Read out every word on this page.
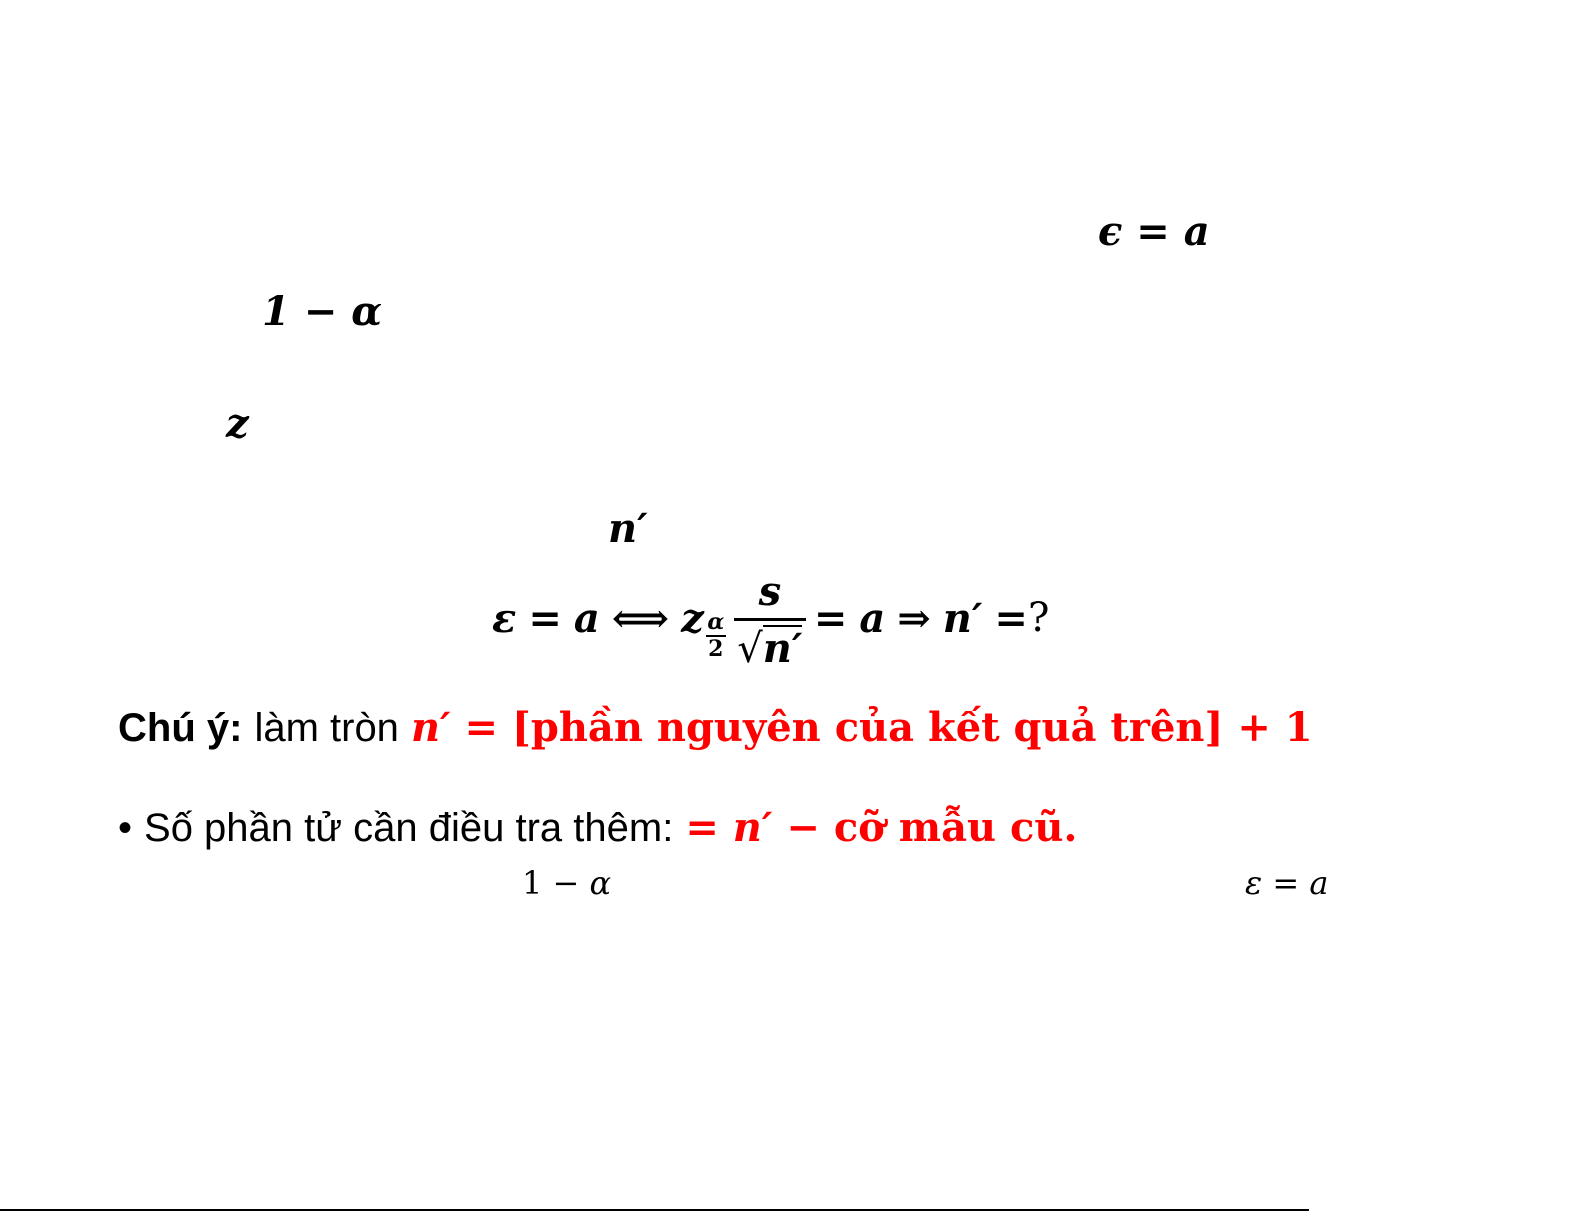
ϵ = a
1 − α
z
n′
ε = a ⟺ z $\frac{\alpha}{2} \frac{s}{√ n'} = a$ ⇒ n′ = ?
Chú ý: làm tròn n′ = [phần nguyên của kết quả trên] + 1
• Số phần tử cần điều tra thêm: = n′ − cỡ mẫu cũ.
1 − α	ε = a
